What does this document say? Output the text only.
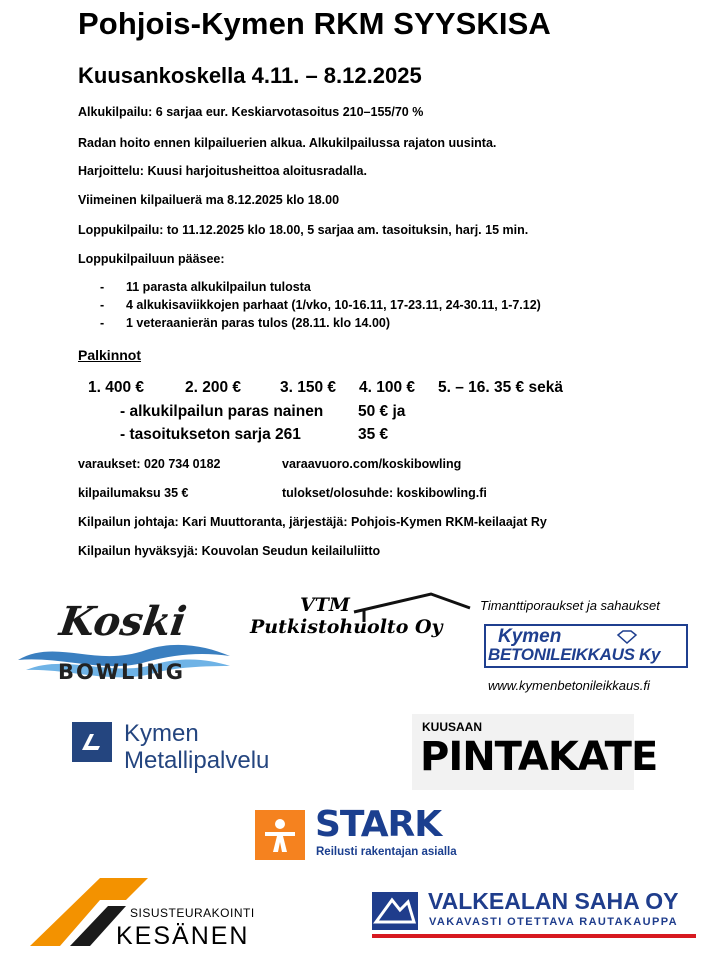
Pohjois-Kymen RKM SYYSKISA
Kuusankoskella 4.11. – 8.12.2025
Alkukilpailu: 6 sarjaa eur. Keskiarvotasoitus 210–155/70 %
Radan hoito ennen kilpailuerien alkua. Alkukilpailussa rajaton uusinta.
Harjoittelu: Kuusi harjoitusheittoa aloitusradalla.
Viimeinen kilpailuerä ma 8.12.2025 klo 18.00
Loppukilpailu: to 11.12.2025 klo 18.00, 5 sarjaa am. tasoituksin, harj. 15 min.
Loppukilpailuun pääsee:
- 11 parasta alkukilpailun tulosta
- 4 alkukisaviikkojen parhaat (1/vko, 10-16.11, 17-23.11, 24-30.11, 1-7.12)
- 1 veteraanierän paras tulos (28.11. klo 14.00)
Palkinnot
1. 400 €	2. 200 €	3. 150 € 4. 100 € 5. – 16. 35 € sekä
- alkukilpailun paras nainen 50 € ja
- tasoitukseton sarja 261	35 €
varaukset: 020 734 0182	varaavuoro.com/koskibowling
kilpailumaksu 35 €	tulokset/olosuhde: koskibowling.fi
Kilpailun johtaja: Kari Muuttoranta, järjestäjä: Pohjois-Kymen RKM-keilaajat Ry
Kilpailun hyväksyjä: Kouvolan Seudun keilailuliitto
Koski
BOWLING
VTM
Putkistohuolto Oy
Timanttiporaukset ja sahaukset
Kymen
BETONILEIKKAUS Ky
www.kymenbetonileikkaus.fi
Kymen
Metallipalvelu
KUUSAAN
PINTAKATE
STARK
Reilusti rakentajan asialla
SISUSTEURAKOINTI
KESÄNEN
VALKEALAN SAHA OY
VAKAVASTI OTETTAVA RAUTAKAUPPA
